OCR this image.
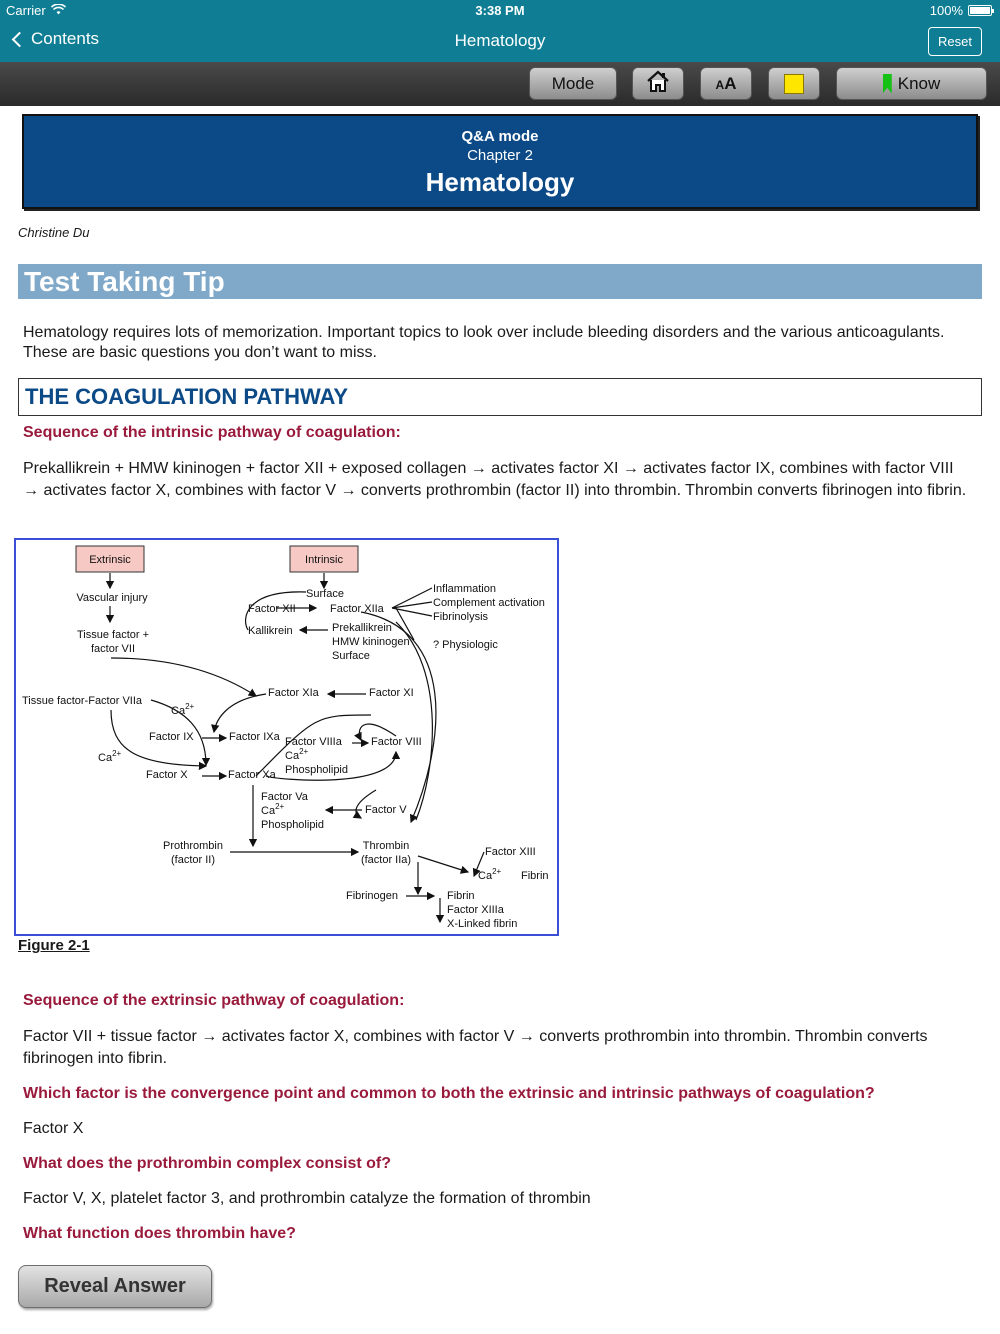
Carrier	3:38 PM	100%
Contents	Hematology	Reset
Mode	AA	Know
Q&A mode
Chapter 2
Hematology
Christine Du
Test Taking Tip
Hematology requires lots of memorization. Important topics to look over include bleeding disorders and the various anticoagulants. These are basic questions you don’t want to miss.
THE COAGULATION PATHWAY
Sequence of the intrinsic pathway of coagulation:
Prekallikrein + HMW kininogen + factor XII + exposed collagen → activates factor XI → activates factor IX, combines with factor VIII → activates factor X, combines with factor V → converts prothrombin (factor II) into thrombin. Thrombin converts fibrinogen into fibrin.
Extrinsic	Intrinsic
Vascular injury	Surface
Factor XII	Factor XIIa
Inflammation
Complement activation
Fibrinolysis
Tissue factor +
factor VII
Kallikrein	Prekallikrein
HMW kininogen
Surface
? Physiologic
Tissue factor-Factor VIIa
$Ca^{2+}$
Factor XIa	Factor XI
Factor IX	Factor IXa Factor VIIIa	Factor VIII
$Ca^{2+}$
Phospholipid
$Ca^{2+}$
Factor X	Factor Xa
Factor Va
$Ca^{2+}$
Phospholipid
Factor V
Prothrombin
(factor II)
Thrombin
(factor IIa)
Factor XIII
$Ca^{2+}$ Fibrin
Fibrinogen	Fibrin
Factor XIIIa
X-Linked fibrin
Figure 2-1
Sequence of the extrinsic pathway of coagulation:
Factor VII + tissue factor → activates factor X, combines with factor V → converts prothrombin into thrombin. Thrombin converts fibrinogen into fibrin.
Which factor is the convergence point and common to both the extrinsic and intrinsic pathways of coagulation?
Factor X
What does the prothrombin complex consist of?
Factor V, X, platelet factor 3, and prothrombin catalyze the formation of thrombin
What function does thrombin have?
Reveal Answer
